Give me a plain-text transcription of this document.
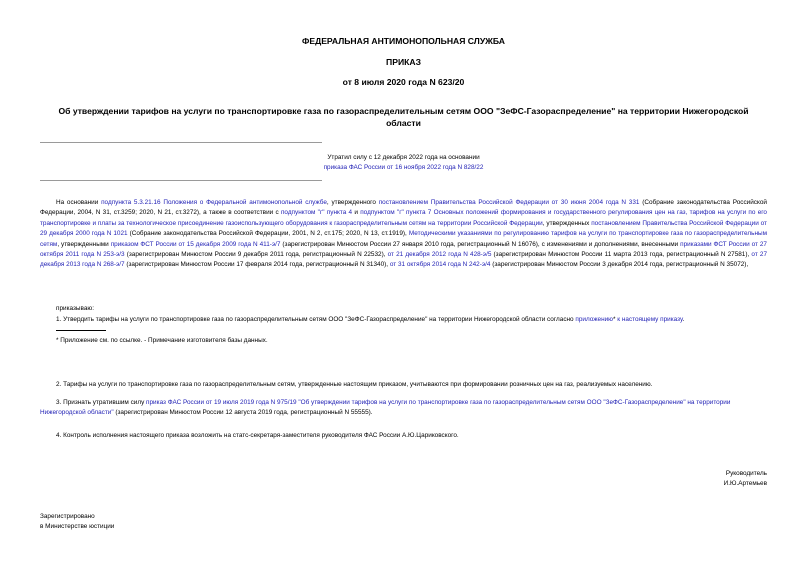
ФЕДЕРАЛЬНАЯ АНТИМОНОПОЛЬНАЯ СЛУЖБА
ПРИКАЗ
от 8 июля 2020 года N 623/20
Об утверждении тарифов на услуги по транспортировке газа по газораспределительным сетям ООО "ЗеФС-Газораспределение" на территории Нижегородской области
Утратил силу с 12 декабря 2022 года на основании
приказа ФАС России от 16 ноября 2022 года N 828/22
На основании подпункта 5.3.21.16 Положения о Федеральной антимонопольной службе, утвержденного постановлением Правительства Российской Федерации от 30 июня 2004 года N 331 (Собрание законодательства Российской Федерации, 2004, N 31, ст.3259; 2020, N 21, ст.3272), а также в соответствии с подпунктом "г" пункта 4 и подпунктом "г" пункта 7 Основных положений формирования и государственного регулирования цен на газ, тарифов на услуги по его транспортировке и платы за технологическое присоединение газоиспользующего оборудования к газораспределительным сетям на территории Российской Федерации, утвержденных постановлением Правительства Российской Федерации от 29 декабря 2000 года N 1021 (Собрание законодательства Российской Федерации, 2001, N 2, ст.175; 2020, N 13, ст.1919), Методическими указаниями по регулированию тарифов на услуги по транспортировке газа по газораспределительным сетям, утвержденными приказом ФСТ России от 15 декабря 2009 года N 411-э/7 (зарегистрирован Минюстом России 27 января 2010 года, регистрационный N 16076), с изменениями и дополнениями, внесенными приказами ФСТ России от 27 октября 2011 года N 253-э/3 (зарегистрирован Минюстом России 9 декабря 2011 года, регистрационный N 22532), от 21 декабря 2012 года N 428-э/5 (зарегистрирован Минюстом России 11 марта 2013 года, регистрационный N 27581), от 27 декабря 2013 года N 268-э/7 (зарегистрирован Минюстом России 17 февраля 2014 года, регистрационный N 31340), от 31 октября 2014 года N 242-э/4 (зарегистрирован Минюстом России 3 декабря 2014 года, регистрационный N 35072),
приказываю:
1. Утвердить тарифы на услуги по транспортировке газа по газораспределительным сетям ООО "ЗеФС-Газораспределение" на территории Нижегородской области согласно приложению* к настоящему приказу.
* Приложение см. по ссылке. - Примечание изготовителя базы данных.
2. Тарифы на услуги по транспортировке газа по газораспределительным сетям, утвержденные настоящим приказом, учитываются при формировании розничных цен на газ, реализуемых населению.
3. Признать утратившим силу приказ ФАС России от 19 июля 2019 года N 975/19 "Об утверждении тарифов на услуги по транспортировке газа по газораспределительным сетям ООО "ЗеФС-Газораспределение" на территории Нижегородской области" (зарегистрирован Минюстом России 12 августа 2019 года, регистрационный N 55555).
4. Контроль исполнения настоящего приказа возложить на статс-секретаря-заместителя руководителя ФАС России А.Ю.Цариковского.
Руководитель
И.Ю.Артемьев
Зарегистрировано
в Министерстве юстиции
